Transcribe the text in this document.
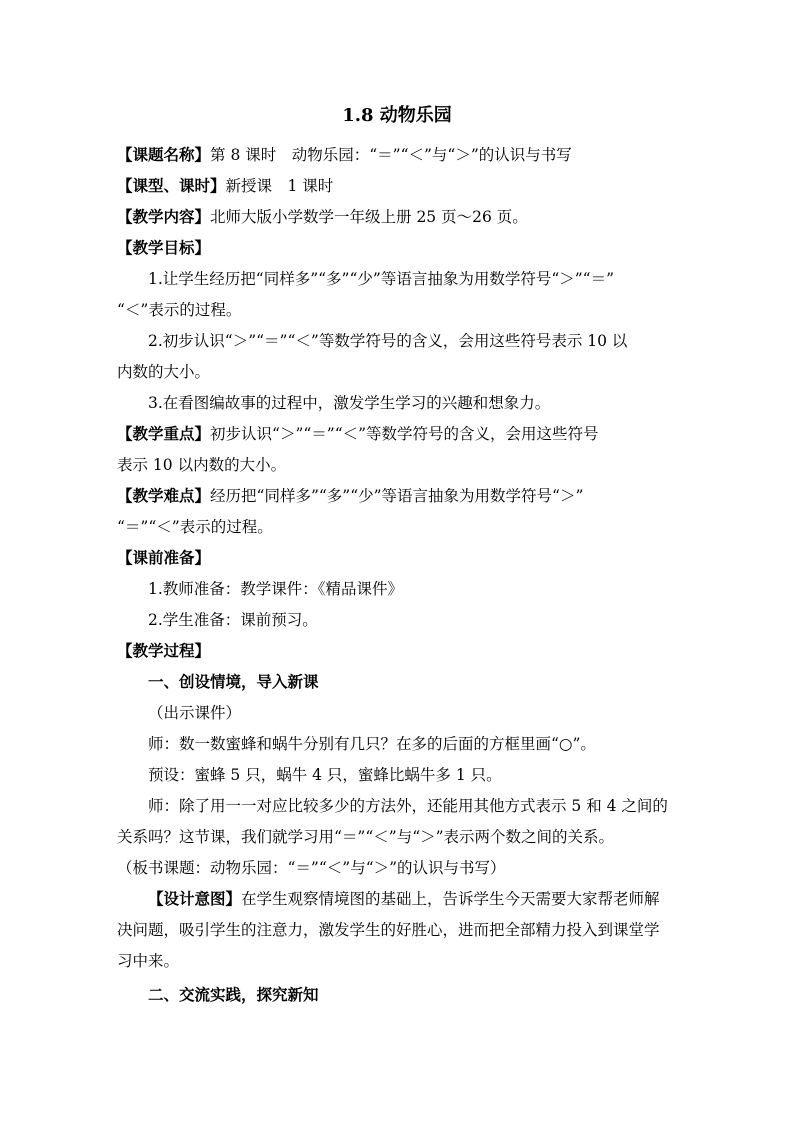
1.8 动物乐园
【课题名称】第 8 课时　动物乐园：“＝”“＜”与“＞”的认识与书写
【课型、课时】新授课　1 课时
【教学内容】北师大版小学数学一年级上册 25 页～26 页。
【教学目标】
1.让学生经历把“同样多”“多”“少”等语言抽象为用数学符号“＞”“＝”
“＜”表示的过程。
2.初步认识“＞”“＝”“＜”等数学符号的含义，会用这些符号表示 10 以
内数的大小。
3.在看图编故事的过程中，激发学生学习的兴趣和想象力。
【教学重点】初步认识“＞”“＝”“＜”等数学符号的含义，会用这些符号
表示 10 以内数的大小。
【教学难点】经历把“同样多”“多”“少”等语言抽象为用数学符号“＞”
“＝”“＜”表示的过程。
【课前准备】
1.教师准备：教学课件：《精品课件》
2.学生准备：课前预习。
【教学过程】
一、创设情境，导入新课
（出示课件）
师：数一数蜜蜂和蜗牛分别有几只？在多的后面的方框里画“○”。
预设：蜜蜂 5 只，蜗牛 4 只，蜜蜂比蜗牛多 1 只。
师：除了用一一对应比较多少的方法外，还能用其他方式表示 5 和 4 之间的
关系吗？这节课，我们就学习用“＝”“＜”与“＞”表示两个数之间的关系。
（板书课题：动物乐园：“＝”“＜”与“＞”的认识与书写）
【设计意图】在学生观察情境图的基础上，告诉学生今天需要大家帮老师解
决问题，吸引学生的注意力，激发学生的好胜心，进而把全部精力投入到课堂学
习中来。
二、交流实践，探究新知
